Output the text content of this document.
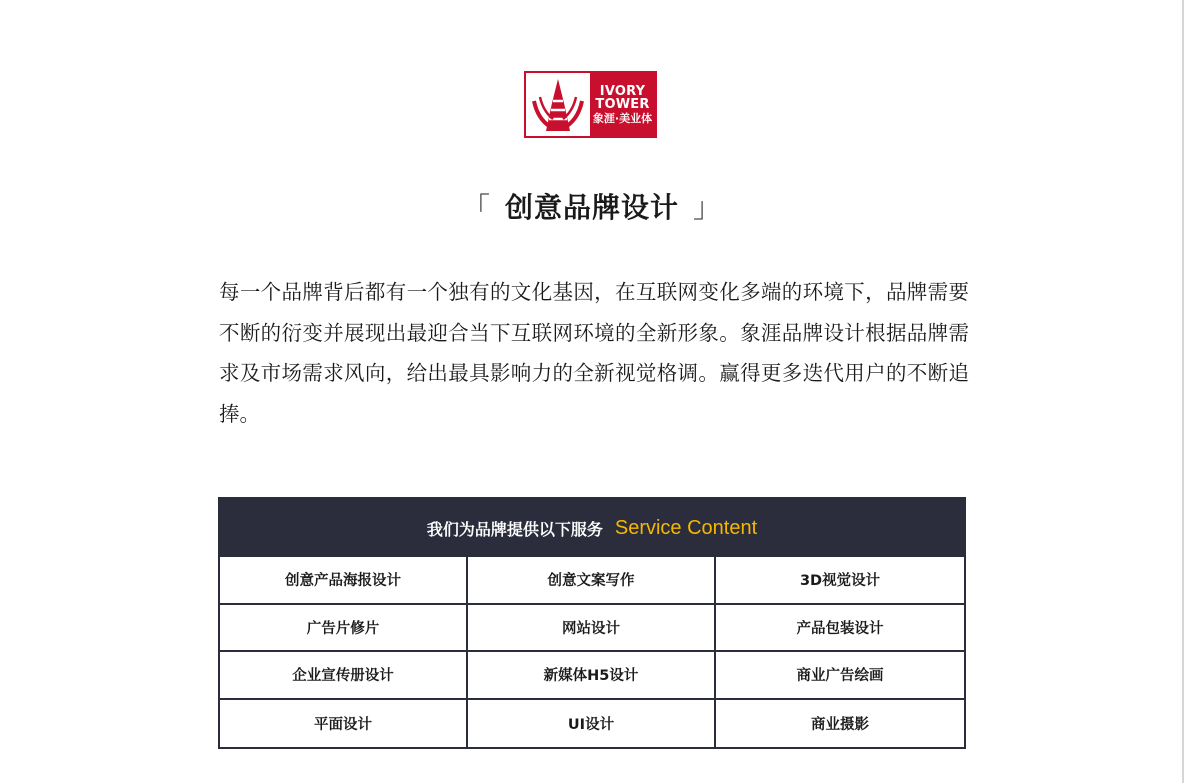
IVORY
TOWER
象涯·美业体
「 创意品牌设计 」

每一个品牌背后都有一个独有的文化基因，在互联网变化多端的环境下，品牌需要不断的衍变并展现出最迎合当下互联网环境的全新形象。象涯品牌设计根据品牌需求及市场需求风向，给出最具影响力的全新视觉格调。赢得更多迭代用户的不断追捧。

我们为品牌提供以下服务 Service Content
创意产品海报设计	创意文案写作	3D视觉设计
广告片修片	网站设计	产品包装设计
企业宣传册设计	新媒体H5设计	商业广告绘画
平面设计	UI设计	商业摄影
